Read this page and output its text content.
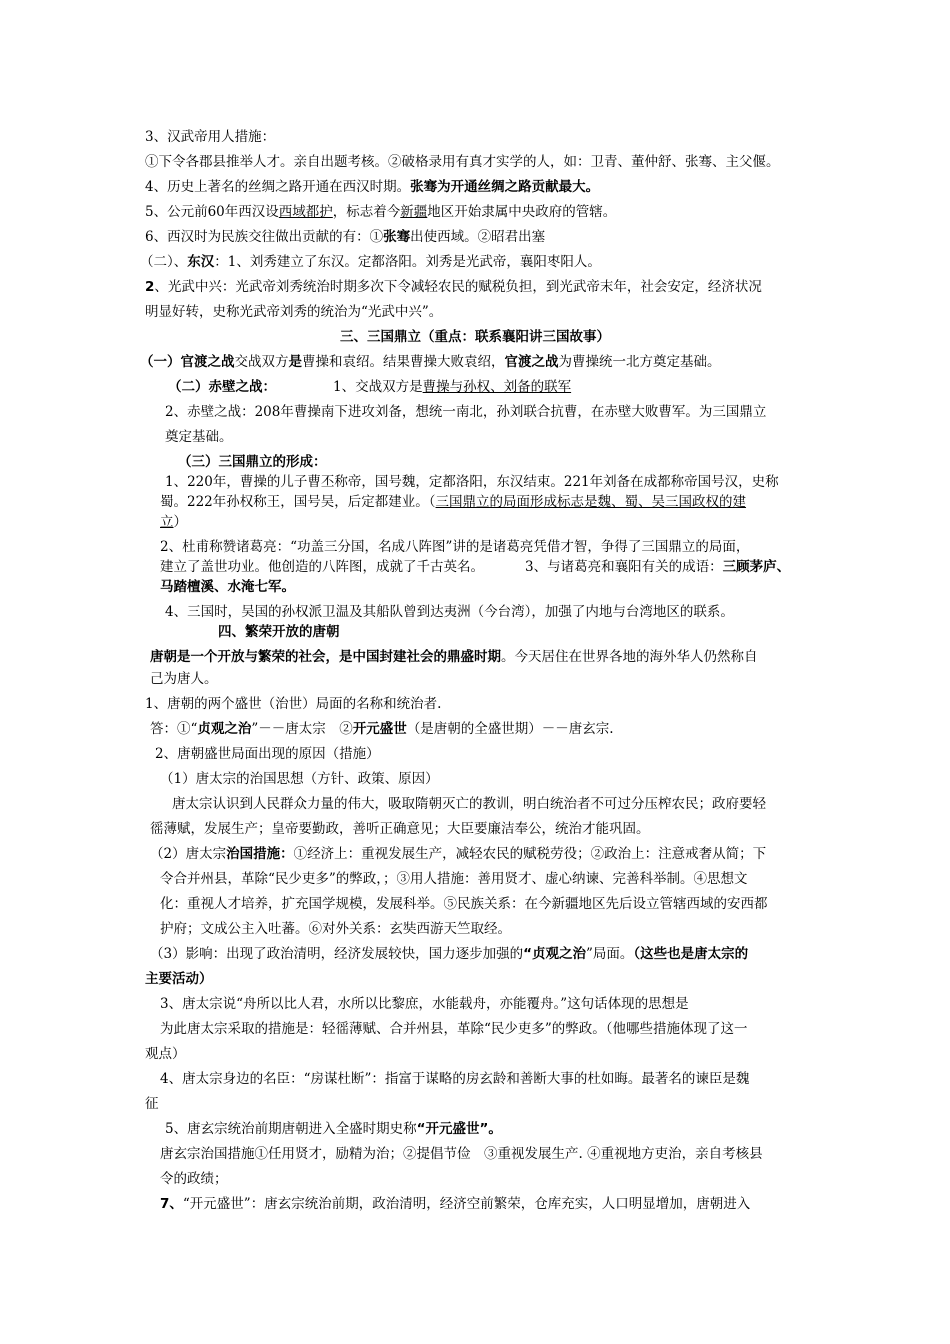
3、汉武帝用人措施：
①下令各郡县推举人才。亲自出题考核。②破格录用有真才实学的人，如：卫青、董仲舒、张骞、主父偃。
4、历史上著名的丝绸之路开通在西汉时期。张骞为开通丝绸之路贡献最大。
5、公元前60年西汉设西域都护，标志着今新疆地区开始隶属中央政府的管辖。
6、西汉时为民族交往做出贡献的有：①张骞出使西域。②昭君出塞
（二）、东汉：1、刘秀建立了东汉。定都洛阳。刘秀是光武帝，襄阳枣阳人。
2、光武中兴：光武帝刘秀统治时期多次下令减轻农民的赋税负担，到光武帝末年，社会安定，经济状况
明显好转，史称光武帝刘秀的统治为“光武中兴”。
三、三国鼎立（重点：联系襄阳讲三国故事）
（一）官渡之战交战双方是曹操和袁绍。结果曹操大败袁绍，官渡之战为曹操统一北方奠定基础。
（二）赤壁之战：	1、交战双方是曹操与孙权、刘备的联军
2、赤壁之战：208年曹操南下进攻刘备，想统一南北，孙刘联合抗曹，在赤壁大败曹军。为三国鼎立
奠定基础。
（三）三国鼎立的形成：
1、220年，曹操的儿子曹丕称帝，国号魏，定都洛阳，东汉结束。221年刘备在成都称帝国号汉，史称
蜀。222年孙权称王，国号吴，后定都建业。（三国鼎立的局面形成标志是魏、蜀、吴三国政权的建
立）
2、杜甫称赞诸葛亮：“功盖三分国，名成八阵图”讲的是诸葛亮凭借才智，争得了三国鼎立的局面，
建立了盖世功业。他创造的八阵图，成就了千古英名。	3、与诸葛亮和襄阳有关的成语：三顾茅庐、
马踏檀溪、水淹七军。
4、三国时，吴国的孙权派卫温及其船队曾到达夷洲（今台湾），加强了内地与台湾地区的联系。
四、繁荣开放的唐朝
唐朝是一个开放与繁荣的社会，是中国封建社会的鼎盛时期。今天居住在世界各地的海外华人仍然称自
己为唐人。
1、唐朝的两个盛世（治世）局面的名称和统治者.
答：①“贞观之治”－－唐太宗　②开元盛世（是唐朝的全盛世期）－－唐玄宗.
2、唐朝盛世局面出现的原因（措施）
（1）唐太宗的治国思想（方针、政策、原因）
唐太宗认识到人民群众力量的伟大，吸取隋朝灭亡的教训，明白统治者不可过分压榨农民；政府要轻
徭薄赋，发展生产；皇帝要勤政，善听正确意见；大臣要廉洁奉公，统治才能巩固。
（2）唐太宗治国措施：①经济上：重视发展生产，减轻农民的赋税劳役；②政治上：注意戒奢从简；下
令合并州县，革除“民少吏多”的弊政，；③用人措施：善用贤才、虚心纳谏、完善科举制。④思想文
化：重视人才培养，扩充国学规模，发展科举。⑤民族关系：在今新疆地区先后设立管辖西域的安西都
护府；文成公主入吐蕃。⑥对外关系：玄奘西游天竺取经。
（3）影响：出现了政治清明，经济发展较快，国力逐步加强的“贞观之治”局面。（这些也是唐太宗的
主要活动）
3、唐太宗说“舟所以比人君，水所以比黎庶，水能载舟，亦能覆舟。”这句话体现的思想是
为此唐太宗采取的措施是：轻徭薄赋、合并州县，革除“民少吏多”的弊政。（他哪些措施体现了这一
观点）
4、唐太宗身边的名臣：“房谋杜断”：指富于谋略的房玄龄和善断大事的杜如晦。最著名的谏臣是魏
征
5、唐玄宗统治前期唐朝进入全盛时期史称“开元盛世”。
唐玄宗治国措施①任用贤才，励精为治；②提倡节俭　③重视发展生产. ④重视地方吏治，亲自考核县
令的政绩；
7、“开元盛世”：唐玄宗统治前期，政治清明，经济空前繁荣，仓库充实，人口明显增加，唐朝进入
